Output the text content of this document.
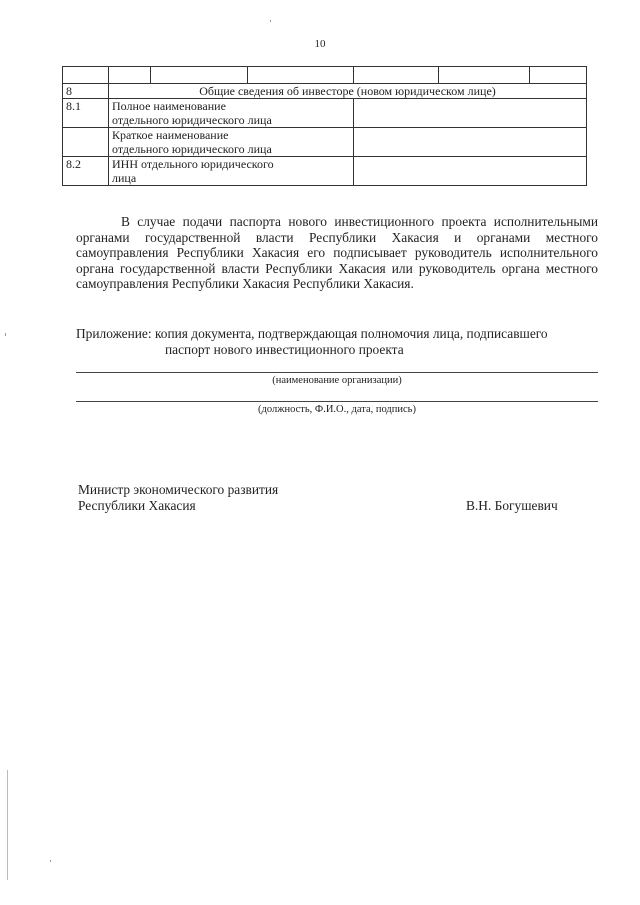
10

8	Общие сведения об инвесторе (новом юридическом лице)					
8.1	Полное наименование
отдельного юридического лица					
	Краткое наименование
отдельного юридического лица					
8.2	ИНН отдельного юридического
лица					

В случае подачи паспорта нового инвестиционного проекта исполнительными органами государственной власти Республики Хакасия и органами местного самоуправления Республики Хакасия его подписывает руководитель исполнительного органа государственной власти Республики Хакасия или руководитель органа местного самоуправления Республики Хакасия Республики Хакасия.

Приложение: копия документа, подтверждающая полномочия лица, подписавшего
паспорт нового инвестиционного проекта

(наименование организации)
(должность, Ф.И.О., дата, подпись)
Министр экономического развития
Республики Хакасия	В.Н. Богушевич
